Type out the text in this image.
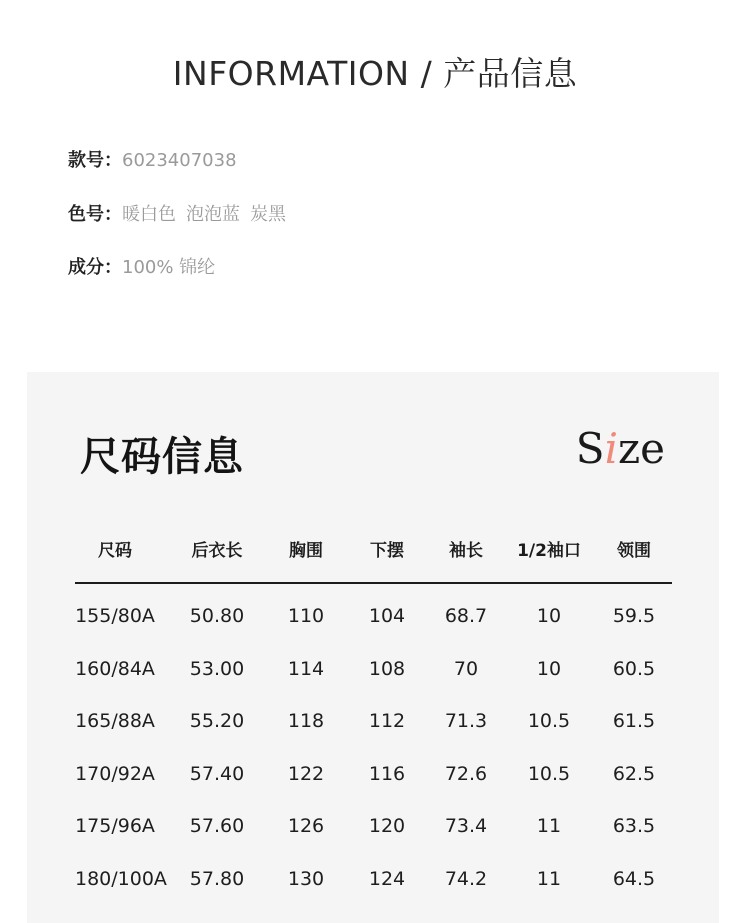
INFORMATION / 产品信息
款号：6023407038
色号：暖白色 泡泡蓝 炭黑
成分：100% 锦纶
尺码信息	Size
尺码	后衣长	胸围	下摆	袖长	1/2袖口	领围
155/80A	50.80	110	104	68.7	10	59.5
160/84A	53.00	114	108	70	10	60.5
165/88A	55.20	118	112	71.3	10.5	61.5
170/92A	57.40	122	116	72.6	10.5	62.5
175/96A	57.60	126	120	73.4	11	63.5
180/100A	57.80	130	124	74.2	11	64.5
